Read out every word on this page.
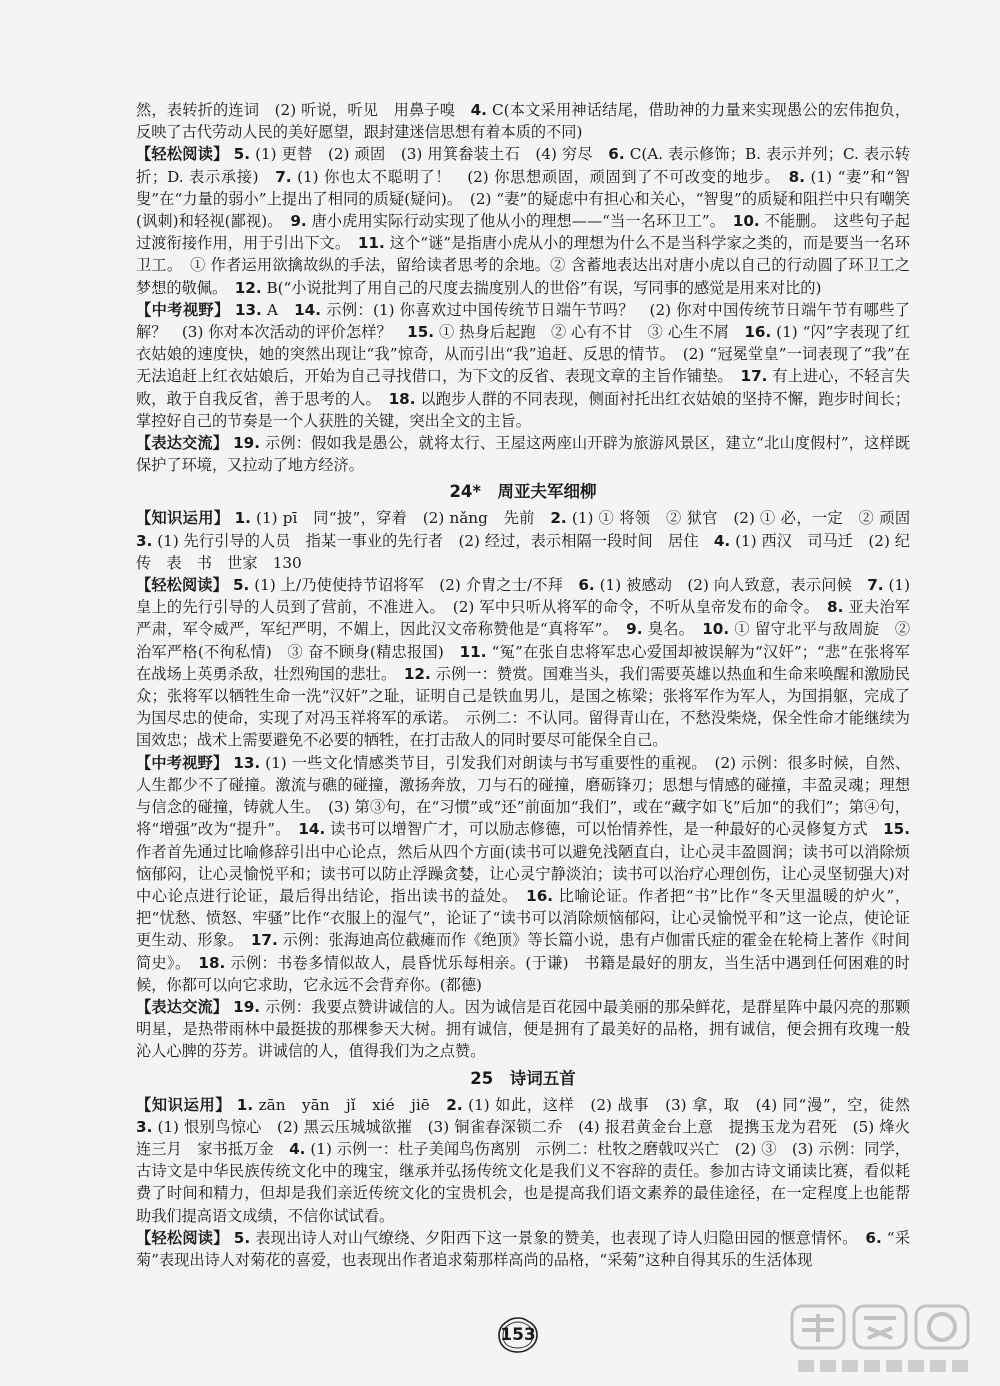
然，表转折的连词　(2) 听说，听见　用鼻子嗅　4. C(本文采用神话结尾，借助神的力量来实现愚公的宏伟抱负，反映了古代劳动人民的美好愿望，跟封建迷信思想有着本质的不同)

【轻松阅读】 5. (1) 更替　(2) 顽固　(3) 用箕畚装土石　(4) 穷尽　6. C(A. 表示修饰；B. 表示并列；C. 表示转折；D. 表示承接)　7. (1) 你也太不聪明了！　(2) 你思想顽固，顽固到了不可改变的地步。　8. (1) “妻”和“智叟”在“力量的弱小”上提出了相同的质疑(疑问)。　(2) “妻”的疑虑中有担心和关心，“智叟”的质疑和阻拦中只有嘲笑(讽刺)和轻视(鄙视)。　9. 唐小虎用实际行动实现了他从小的理想——“当一名环卫工”。　10. 不能删。　这些句子起过渡衔接作用，用于引出下文。　11. 这个“谜”是指唐小虎从小的理想为什么不是当科学家之类的，而是要当一名环卫工。　① 作者运用欲擒故纵的手法，留给读者思考的余地。② 含蓄地表达出对唐小虎以自己的行动圆了环卫工之梦想的敬佩。　12. B(“小说批判了用自己的尺度去揣度别人的世俗”有误，写同事的感觉是用来对比的)

【中考视野】 13. A　14. 示例：(1) 你喜欢过中国传统节日端午节吗？　(2) 你对中国传统节日端午节有哪些了解？　(3) 你对本次活动的评价怎样？　15. ① 热身后起跑　② 心有不甘　③ 心生不屑　16. (1) “闪”字表现了红衣姑娘的速度快，她的突然出现让“我”惊奇，从而引出“我”追赶、反思的情节。　(2) “冠冕堂皇”一词表现了“我”在无法追赶上红衣姑娘后，开始为自己寻找借口，为下文的反省、表现文章的主旨作铺垫。　17. 有上进心，不轻言失败，敢于自我反省，善于思考的人。　18. 以跑步人群的不同表现，侧面衬托出红衣姑娘的坚持不懈，跑步时间长；掌控好自己的节奏是一个人获胜的关键，突出全文的主旨。

【表达交流】 19. 示例：假如我是愚公，就将太行、王屋这两座山开辟为旅游风景区，建立“北山度假村”，这样既保护了环境，又拉动了地方经济。

24*　周亚夫军细柳

【知识运用】 1. (1) pī　同“披”，穿着　(2) nǎng　先前　2. (1) ① 将领　② 狱官　(2) ① 必，一定　② 顽固　3. (1) 先行引导的人员　指某一事业的先行者　(2) 经过，表示相隔一段时间　居住　4. (1) 西汉　司马迁　(2) 纪传　表　书　世家　130

【轻松阅读】 5. (1) 上/乃使使持节诏将军　(2) 介胄之士/不拜　6. (1) 被感动　(2) 向人致意，表示问候　7. (1) 皇上的先行引导的人员到了营前，不准进入。　(2) 军中只听从将军的命令，不听从皇帝发布的命令。　8. 亚夫治军严肃，军令威严，军纪严明，不媚上，因此汉文帝称赞他是“真将军”。　9. 臭名。　10. ① 留守北平与敌周旋　② 治军严格(不徇私情)　③ 奋不顾身(精忠报国)　11. “冤”在张自忠将军忠心爱国却被误解为“汉奸”；“悲”在张将军在战场上英勇杀敌，壮烈殉国的悲壮。　12. 示例一：赞赏。国难当头，我们需要英雄以热血和生命来唤醒和激励民众；张将军以牺牲生命一洗“汉奸”之耻，证明自己是铁血男儿，是国之栋梁；张将军作为军人，为国捐躯，完成了为国尽忠的使命，实现了对冯玉祥将军的承诺。　示例二：不认同。留得青山在，不愁没柴烧，保全性命才能继续为国效忠；战术上需要避免不必要的牺牲，在打击敌人的同时要尽可能保全自己。

【中考视野】 13. (1) 一些文化情感类节目，引发我们对朗读与书写重要性的重视。　(2) 示例：很多时候，自然、人生都少不了碰撞。激流与礁的碰撞，激扬奔放，刀与石的碰撞，磨砺锋刃；思想与情感的碰撞，丰盈灵魂；理想与信念的碰撞，铸就人生。　(3) 第③句，在“习惯”或“还”前面加“我们”，或在“藏字如飞”后加“的我们”；第④句，将“增强”改为“提升”。　14. 读书可以增智广才，可以励志修德，可以怡情养性，是一种最好的心灵修复方式　15. 作者首先通过比喻修辞引出中心论点，然后从四个方面(读书可以避免浅陋直白，让心灵丰盈圆润；读书可以消除烦恼郁闷，让心灵愉悦平和；读书可以防止浮躁贪婪，让心灵宁静淡泊；读书可以治疗心理创伤，让心灵坚韧强大)对中心论点进行论证，最后得出结论，指出读书的益处。　16. 比喻论证。作者把“书”比作“冬天里温暖的炉火”，把“忧愁、愤怒、牢骚”比作“衣服上的湿气”，论证了“读书可以消除烦恼郁闷，让心灵愉悦平和”这一论点，使论证更生动、形象。　17. 示例：张海迪高位截瘫而作《绝顶》等长篇小说，患有卢伽雷氏症的霍金在轮椅上著作《时间简史》。　18. 示例：书卷多情似故人，晨昏忧乐每相亲。(于谦)　书籍是最好的朋友，当生活中遇到任何困难的时候，你都可以向它求助，它永远不会背弃你。(都德)

【表达交流】 19. 示例：我要点赞讲诚信的人。因为诚信是百花园中最美丽的那朵鲜花，是群星阵中最闪亮的那颗明星，是热带雨林中最挺拔的那棵参天大树。拥有诚信，便是拥有了最美好的品格，拥有诚信，便会拥有玫瑰一般沁人心脾的芬芳。讲诚信的人，值得我们为之点赞。

25　诗词五首

【知识运用】 1. zān　yān　jǐ　xié　jiē　2. (1) 如此，这样　(2) 战事　(3) 拿，取　(4) 同“漫”，空，徒然　3. (1) 恨别鸟惊心　(2) 黑云压城城欲摧　(3) 铜雀春深锁二乔　(4) 报君黄金台上意　提携玉龙为君死　(5) 烽火连三月　家书抵万金　4. (1) 示例一：杜子美闻鸟伤离别　示例二：杜牧之磨戟叹兴亡　(2) ③　(3) 示例：同学，古诗文是中华民族传统文化中的瑰宝，继承并弘扬传统文化是我们义不容辞的责任。参加古诗文诵读比赛，看似耗费了时间和精力，但却是我们亲近传统文化的宝贵机会，也是提高我们语文素养的最佳途径，在一定程度上也能帮助我们提高语文成绩，不信你试试看。

【轻松阅读】 5. 表现出诗人对山气缭绕、夕阳西下这一景象的赞美，也表现了诗人归隐田园的惬意情怀。　6. “采菊”表现出诗人对菊花的喜爱，也表现出作者追求菊那样高尚的品格，“采菊”这种自得其乐的生活体现

153
